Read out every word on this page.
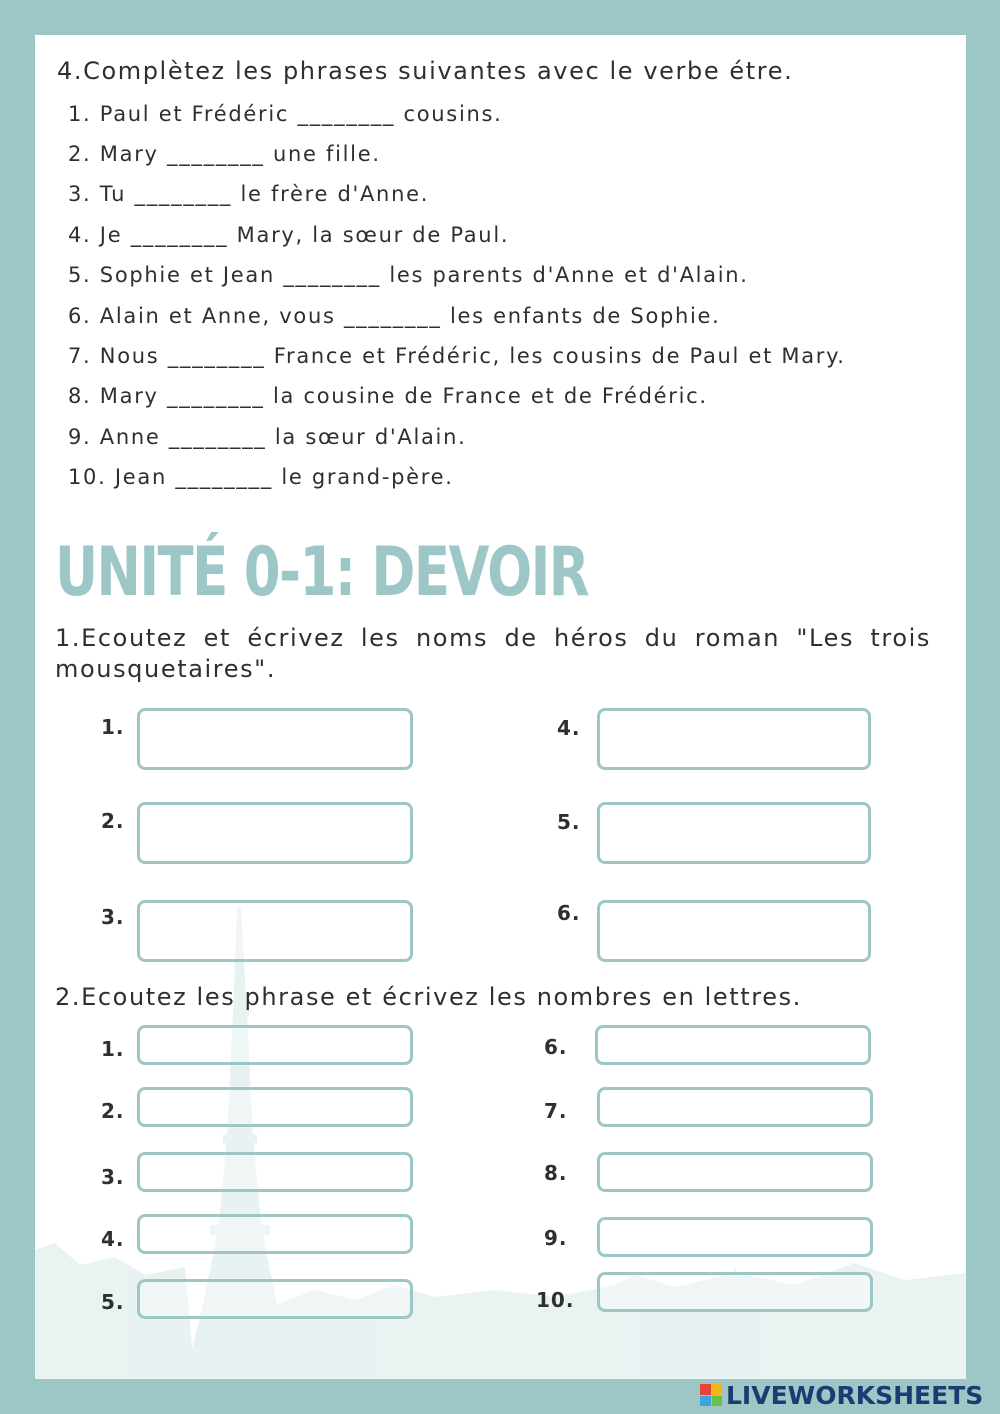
4.Complètez les phrases suivantes avec le verbe étre.
1. Paul et Frédéric ________ cousins.
2. Mary ________ une fille.
3. Tu ________ le frère d'Anne.
4. Je ________ Mary, la sœur de Paul.
5. Sophie et Jean ________ les parents d'Anne et d'Alain.
6. Alain et Anne, vous ________ les enfants de Sophie.
7. Nous ________ France et Frédéric, les cousins de Paul et Mary.
8. Mary ________ la cousine de France et de Frédéric.
9. Anne ________ la sœur d'Alain.
10. Jean ________ le grand-père.
UNITÉ 0-1: DEVOIR
1.Ecoutez et écrivez les noms de héros du roman "Les trois mousquetaires".
1.
2.
3.
4.
5.
6.
2.Ecoutez les phrase et écrivez les nombres en lettres.
1.
2.
3.
4.
5.
6.
7.
8.
9.
10.
LIVEWORKSHEETS
